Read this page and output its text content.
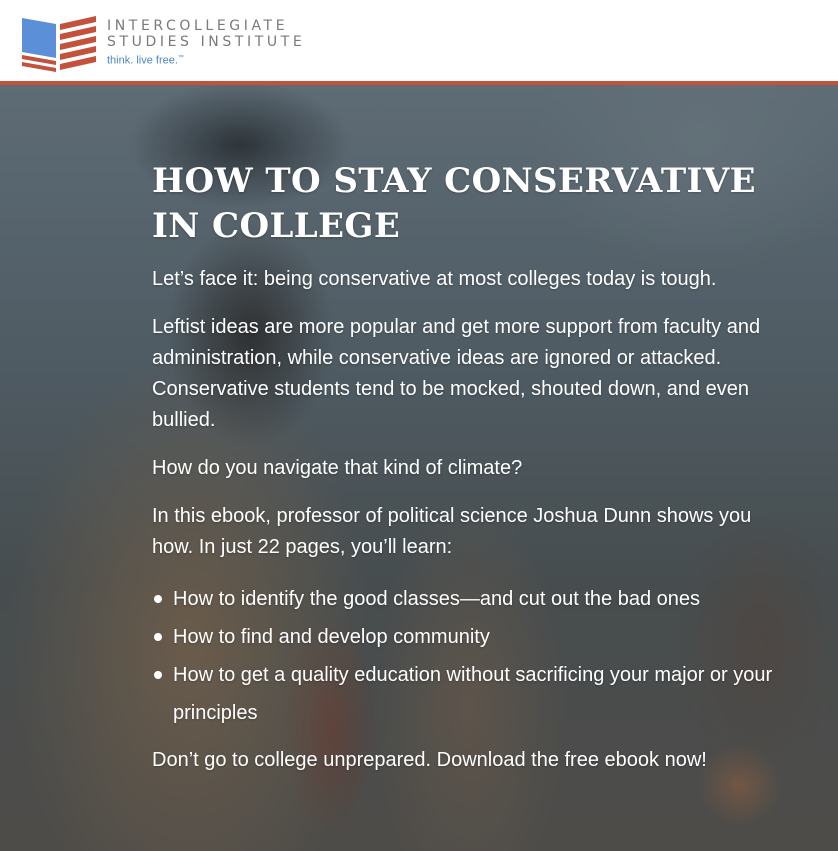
INTERCOLLEGIATE
STUDIES INSTITUTE
think. live free.™
HOW TO STAY CONSERVATIVE IN COLLEGE

Let’s face it: being conservative at most colleges today is tough.

Leftist ideas are more popular and get more support from faculty and administration, while conservative ideas are ignored or attacked. Conservative students tend to be mocked, shouted down, and even bullied.

How do you navigate that kind of climate?

In this ebook, professor of political science Joshua Dunn shows you how. In just 22 pages, you’ll learn:

How to identify the good classes—and cut out the bad ones
How to find and develop community
How to get a quality education without sacrificing your major or your principles

Don’t go to college unprepared. Download the free ebook now!
